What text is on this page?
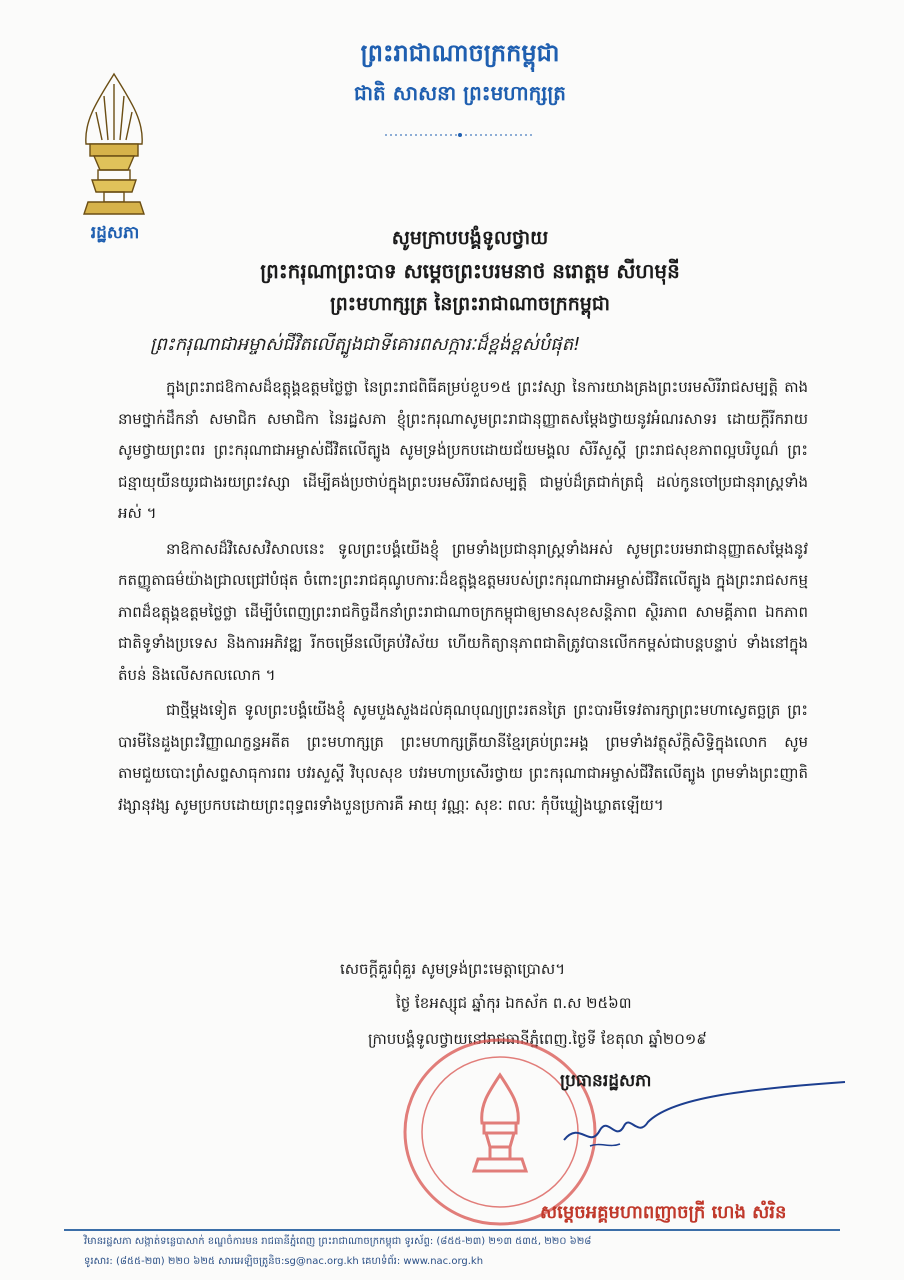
ព្រះរាជាណាចក្រកម្ពុជា
ជាតិ សាសនា ព្រះមហាក្សត្រ
រដ្ឋសភា	សូមក្រាបបង្គំទូលថ្វាយ
ព្រះករុណាព្រះបាទ សម្តេចព្រះបរមនាថ នរោត្តម សីហមុនី
ព្រះមហាក្សត្រ នៃព្រះរាជាណាចក្រកម្ពុជា
ព្រះករុណាជាអម្ចាស់ជីវិតលើត្បូងជាទីគោរពសក្ការៈដ៏ខ្ពង់ខ្ពស់បំផុត!

ក្នុងព្រះរាជឱកាសដ៏ឧត្តុង្គឧត្តមថ្លៃថ្លា នៃព្រះរាជពិធីគម្រប់ខួប១៥ ព្រះវស្សា នៃការយាងគ្រងព្រះបរមសិរីរាជសម្បត្តិ តាងនាមថ្នាក់ដឹកនាំ សមាជិក សមាជិកា នៃរដ្ឋសភា ខ្ញុំព្រះករុណាសូមព្រះរាជានុញ្ញាតសម្តែងថ្វាយនូវអំណរសាទរ ដោយក្តីរីករាយ សូមថ្វាយព្រះពរ ព្រះករុណាជាអម្ចាស់ជីវិតលើត្បូង សូមទ្រង់ប្រកបដោយជ័យមង្គល សិរីសួស្តី ព្រះរាជសុខភាពល្អបរិបូណ៌ ព្រះជន្មាយុយឺនយូរជាងរយព្រះវស្សា ដើម្បីគង់ប្រថាប់ក្នុងព្រះបរមសិរីរាជសម្បត្តិ ជាម្លប់ដ៏ត្រជាក់ត្រជុំ ដល់កូនចៅប្រជានុរាស្ត្រទាំងអស់ ។

នាឱកាសដ៏វិសេសវិសាលនេះ ទូលព្រះបង្គំយើងខ្ញុំ ព្រមទាំងប្រជានុរាស្ត្រទាំងអស់ សូមព្រះបរមរាជានុញ្ញាតសម្តែងនូវកតញ្ញូតាធម៌យ៉ាងជ្រាលជ្រៅបំផុត ចំពោះព្រះរាជគុណូបការៈដ៏ឧត្តុង្គឧត្តមរបស់ព្រះករុណាជាអម្ចាស់ជីវិតលើត្បូង ក្នុងព្រះរាជសកម្មភាពដ៏ឧត្តុង្គឧត្តមថ្លៃថ្លា ដើម្បីបំពេញព្រះរាជកិច្ចដឹកនាំព្រះរាជាណាចក្រកម្ពុជាឲ្យមានសុខសន្តិភាព ស្ថិរភាព សាមគ្គីភាព ឯកភាពជាតិទូទាំងប្រទេស និងការអភិវឌ្ឍ រីកចម្រើនលើគ្រប់វិស័យ ហើយកិត្យានុភាពជាតិត្រូវបានលើកកម្ពស់ជាបន្តបន្ទាប់ ទាំងនៅក្នុងតំបន់ និងលើសកលលោក ។

ជាថ្មីម្តងទៀត ទូលព្រះបង្គំយើងខ្ញុំ សូមបួងសួងដល់គុណបុណ្យព្រះរតនត្រៃ ព្រះបារមីទេវតារក្សាព្រះមហាស្វេតច្ឆត្រ ព្រះបារមីនៃដួងព្រះវិញ្ញាណក្ខន្ធអតីត ព្រះមហាក្សត្រ ព្រះមហាក្សត្រីយានីខ្មែរគ្រប់ព្រះអង្គ ព្រមទាំងវត្ថុស័ក្តិសិទ្ធិក្នុងលោក សូមតាមជួយបោះព្រំសព្ទសាធុការពរ បវរសួស្តី វិបុលសុខ បវរមហាប្រសើរថ្វាយ ព្រះករុណាជាអម្ចាស់ជីវិតលើត្បូង ព្រមទាំងព្រះញាតិវង្សានុវង្ស សូមប្រកបដោយព្រះពុទ្ធពរទាំងបួនប្រការគឺ អាយុ វណ្ណៈ សុខៈ ពលៈ កុំបីឃ្លៀងឃ្លាតឡើយ។

សេចក្តីគួរពុំគួរ សូមទ្រង់ព្រះមេត្តាប្រោស។
ថ្ងៃ ខែអស្សុជ ឆ្នាំកុរ ឯកស័ក ព.ស ២៥៦៣
ក្រាបបង្គំទូលថ្វាយនៅរាជធានីភ្នំពេញ.ថ្ងៃទី ខែតុលា ឆ្នាំ២០១៩
ប្រធានរដ្ឋសភា
សម្តេចអគ្គមហាពញាចក្រី ហេង សំរិន
វិមានរដ្ឋសភា សង្កាត់ទន្លេបាសាក់ ខណ្ឌចំការមន រាជធានីភ្នំពេញ ព្រះរាជាណាចក្រកម្ពុជា ទូរស័ព្ទ: (៨៥៥-២៣) ២១៣ ៥៣៥, ២២០ ៦២៨
ទូរសារ: (៨៥៥-២៣) ២២០ ៦២៥ សារអេឡិចត្រូនិច:sg@nac.org.kh គេហទំព័រ: www.nac.org.kh
